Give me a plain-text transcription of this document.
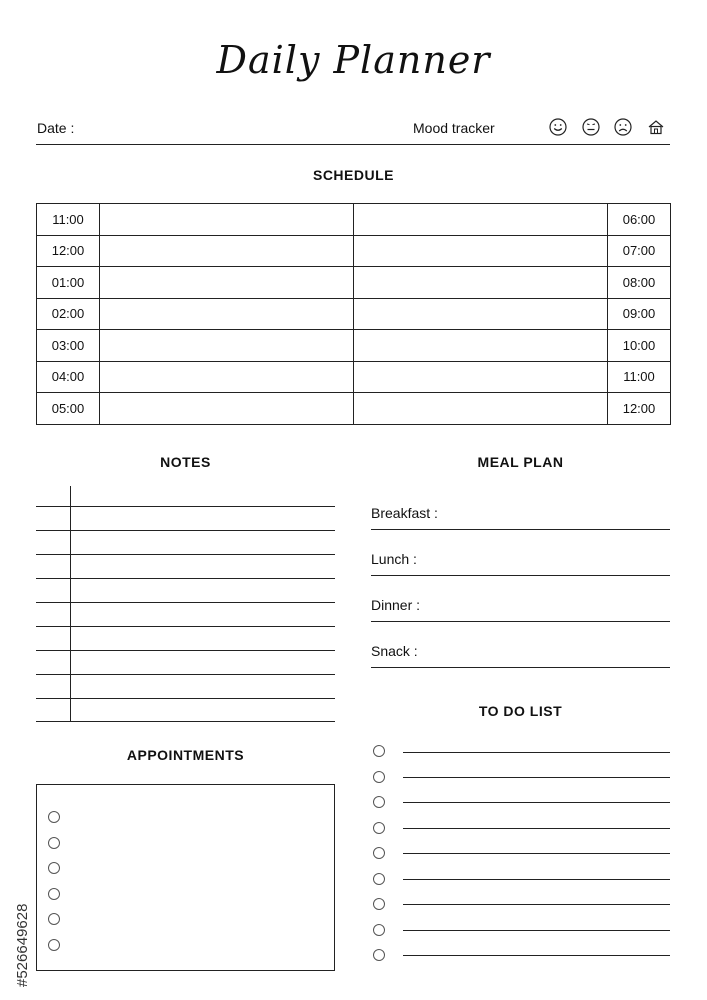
Daily Planner
Date :	Mood tracker
SCHEDULE
11:00			06:00
12:00			07:00
01:00			08:00
02:00			09:00
03:00			10:00
04:00			11:00
05:00			12:00
NOTES	MEAL PLAN
Breakfast :
Lunch :
Dinner :
Snack :
TO DO LIST
APPOINTMENTS
#526649628
